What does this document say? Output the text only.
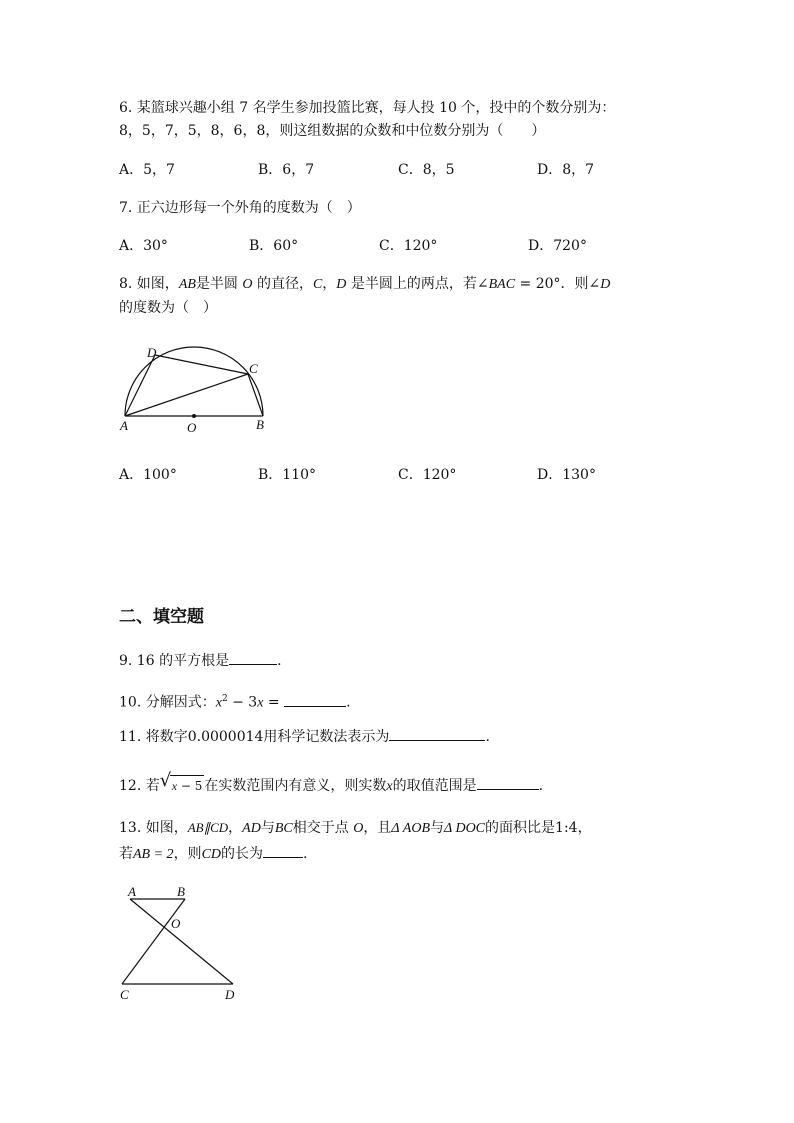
6. 某篮球兴趣小组 7 名学生参加投篮比赛，每人投 10 个，投中的个数分别为：
8，5，7，5，8，6，8，则这组数据的众数和中位数分别为（　　）
A．5，7	B．6，7	C．8，5	D．8，7
7. 正六边形每一个外角的度数为（　）
A．30°	B．60°	C．120°	D．720°
8. 如图，AB是半圆 O 的直径，C，D 是半圆上的两点，若∠BAC = 20°．则∠D
的度数为（　）
D
C
A	O	B
A．100°	B．110°	C．120°	D．130°
二、填空题
9. 16 的平方根是	.
10. 分解因式：$x^2 - 3x$ =	.
11. 将数字0.0000014用科学记数法表示为	.
12. 若√ x − 5 在实数范围内有意义，则实数x的取值范围是	.
13. 如图，AB∥CD，AD与BC相交于点 O，且Δ AOB与Δ DOC的面积比是1:4，
若AB = 2，则CD的长为	.
A	B
O
C	D
